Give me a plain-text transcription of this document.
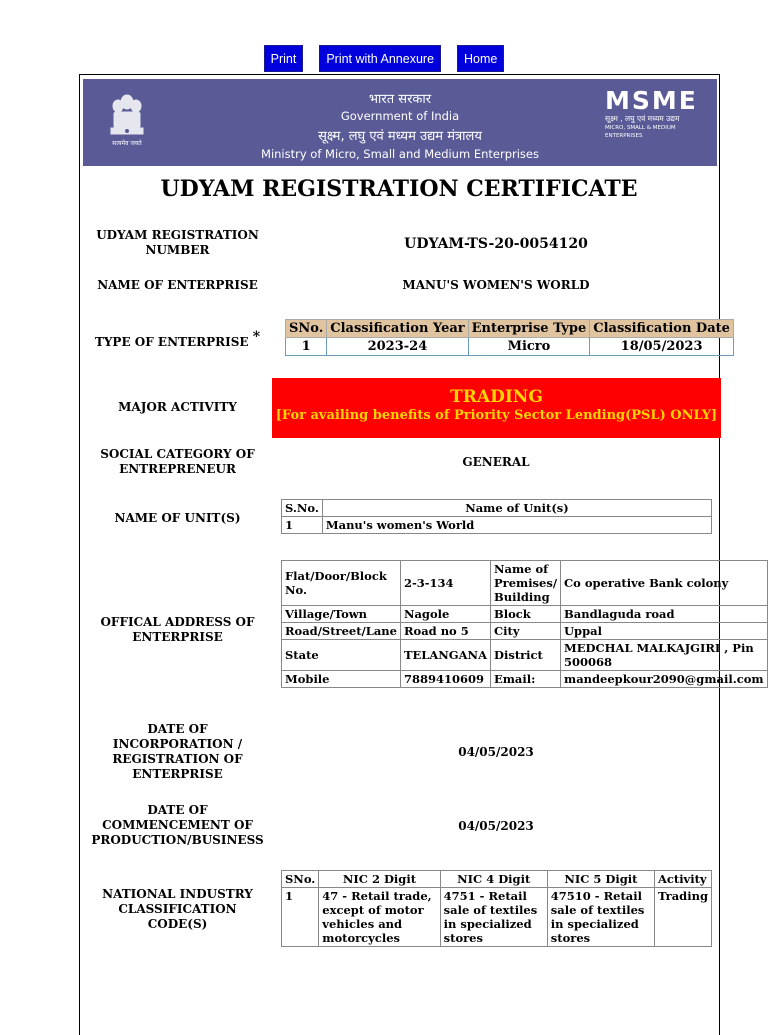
Print Print with Annexure Home
सत्यमेव जयते
भारत सरकार
Government of India
सूक्ष्म, लघु एवं मध्यम उद्यम मंत्रालय
Ministry of Micro, Small and Medium Enterprises
MSME
सूक्ष्म , लघु एवं मध्यम उद्यम
MICRO, SMALL & MEDIUM ENTERPRISES
UDYAM REGISTRATION CERTIFICATE
UDYAM REGISTRATION NUMBER	UDYAM-TS-20-0054120
NAME OF ENTERPRISE	MANU'S WOMEN'S WORLD
TYPE OF ENTERPRISE *
SNo.	Classification Year	Enterprise Type	Classification Date
1	2023-24	Micro	18/05/2023
MAJOR ACTIVITY	TRADING
[For availing benefits of Priority Sector Lending(PSL) ONLY]
SOCIAL CATEGORY OF ENTREPRENEUR	GENERAL
NAME OF UNIT(S)
S.No.	Name of Unit(s)
1	Manu's women's World
OFFICAL ADDRESS OF ENTERPRISE
Flat/Door/Block No.	2-3-134	Name of Premises/ Building	Co operative Bank colony
Village/Town	Nagole	Block	Bandlaguda road
Road/Street/Lane	Road no 5	City	Uppal
State	TELANGANA	District	MEDCHAL MALKAJGIRI , Pin 500068
Mobile	7889410609	Email:	mandeepkour2090@gmail.com
DATE OF INCORPORATION / REGISTRATION OF ENTERPRISE
04/05/2023
DATE OF COMMENCEMENT OF PRODUCTION/BUSINESS
04/05/2023
NATIONAL INDUSTRY CLASSIFICATION CODE(S)
SNo.	NIC 2 Digit	NIC 4 Digit	NIC 5 Digit	Activity
1	47 - Retail trade, except of motor vehicles and motorcycles	4751 - Retail sale of textiles in specialized stores	47510 - Retail sale of textiles in specialized stores	Trading
